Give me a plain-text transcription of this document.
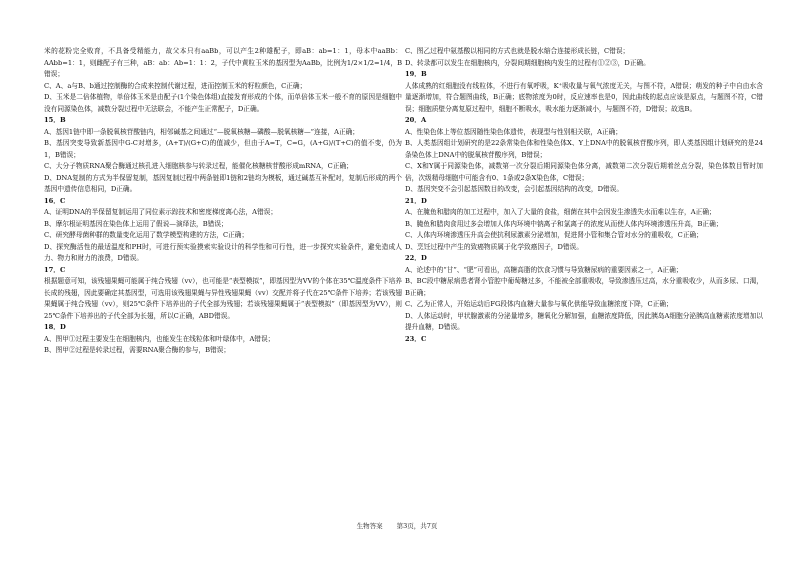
米的花粉完全败育，不具备受精能力，故父本只有aaBb，可以产生2种雄配子，即aB：ab=1：1，母本中aaBb：AAbb=1：1，则雌配子有三种，aB：ab：Ab=1：1：2，子代中黄粒玉米的基因型为AaBb，比例为1/2×1/2=1/4，B错误；

C、A、a与B、b通过控制酶的合成来控制代谢过程，进而控制玉米的籽粒颜色，C正确；

D、玉米是二倍体植物，单倍体玉米是由配子(1个染色体组)直接发育形成的个体，而单倍体玉米一般不育的原因是细胞中没有同源染色体，减数分裂过程中无法联会，不能产生正常配子，D正确。

15．B

A、基因1链中即一条脱氧核苷酸链内，相邻碱基之间通过“—脱氧核糖—磷酸—脱氧核糖—”连接，A正确；

B、基因突变导致新基因中G-C对增多，(A+T)/(G+C)的值减少，但由于A=T，C=G，(A+G)/(T+C)的值不变，仍为1，B错误；

C、大分子物质RNA聚合酶通过核孔进入细胞核参与转录过程，能催化核糖核苷酸形成mRNA，C正确；

D、DNA复制的方式为半保留复制，基因复制过程中两条链即1链和2链均为模板，通过碱基互补配对，复制后形成的两个基因中遗传信息相同，D正确。

16．C

A、证明DNA的半保留复制运用了同位素示踪技术和密度梯度离心法，A错误；

B、摩尔根证明基因在染色体上运用了假说—演绎法，B错误；

C、研究酵母菌种群的数量变化运用了数学模型构建的方法，C正确；

D、探究酶活性的最适温度和PH时，可进行预实验摸索实验设计的科学性和可行性，进一步探究实验条件，避免造成人力、物力和财力的浪费，D错误。

17．C

根据题意可知，该残翅果蝇可能属于纯合残翅（vv），也可能是“表型模拟”，即基因型为VV的个体在35℃温度条件下培养长成的残翅，因此要确定其基因型，可选用该残翅果蝇与异性残翅果蝇（vv）交配并将子代在25℃条件下培养；若该残翅果蝇属于纯合残翅（vv），则25℃条件下培养出的子代全部为残翅；若该残翅果蝇属于“表型模拟”（即基因型为VV），则25℃条件下培养出的子代全部为长翅，所以C正确，ABD错误。

18．D

A、图甲①过程主要发生在细胞核内，也能发生在线粒体和叶绿体中，A错误；

B、图甲②过程是转录过程，需要RNA聚合酶的参与，B错误；

C、图乙过程中氨基酸以相同的方式也就是脱水缩合连接形成长链，C错误；

D、转录都可以发生在细胞核内，分裂间期细胞核内发生的过程有①②③，D正确。

19．B

人体成熟的红细胞没有线粒体，不进行有氧呼吸，K⁺吸收量与氧气浓度无关，与图不符，A错误；萌发的种子中自由水含量逐渐增加，符合题图曲线，B正确；底物浓度为0时，反应速率也是0，因此曲线的起点应该是原点，与题图不符，C错误；细胞质壁分离复原过程中，细胞不断吸水，吸水能力逐渐减小，与题图不符，D错误；故选B。

20．A

A、性染色体上等位基因随性染色体遗传，表现型与性别相关联，A正确；

B、人类基因组计划研究的是22条常染色体和性染色体X、Y上DNA中的脱氧核苷酸序列，即人类基因组计划研究的是24条染色体上DNA中的脱氧核苷酸序列，B错误；

C、X和Y属于同源染色体，减数第一次分裂后期同源染色体分离，减数第二次分裂后期着丝点分裂，染色体数目暂时加倍，次级精母细胞中可能含有0、1条或2条X染色体，C错误；

D、基因突变不会引起基因数目的改变，会引起基因结构的改变，D错误。

21．D

A、在腌鱼和腊肉的加工过程中，加入了大量的食盐，细菌在其中会因发生渗透失水而难以生存，A正确；

B、腌鱼和腊肉食用过多会增加人体内环境中钠离子和氯离子的浓度从而使人体内环境渗透压升高，B正确；

C、人体内环境渗透压升高会使抗利尿激素分泌增加，促进肾小管和集合管对水分的重吸收，C正确；

D、烹饪过程中产生的致癌物质属于化学致癌因子，D错误。

22．D

A、论述中的“甘”、“肥”可看出，高糖高脂的饮食习惯与导致糖尿病的重要因素之一，A正确；

B、BC段中糖尿病患者肾小管腔中葡萄糖过多，不能被全部重吸收，导致渗透压过高，水分重吸收少，从而多尿、口渴，B正确；

C、乙为正常人，开始运动后FG段体内血糖大量参与氧化供能导致血糖浓度下降，C正确；

D、人体运动时，甲状腺激素的分泌量增多，糖氧化分解加强，血糖浓度降低，因此胰岛A细胞分泌胰高血糖素浓度增加以提升血糖，D错误。

23．C

生物答案 第3页，共7页
